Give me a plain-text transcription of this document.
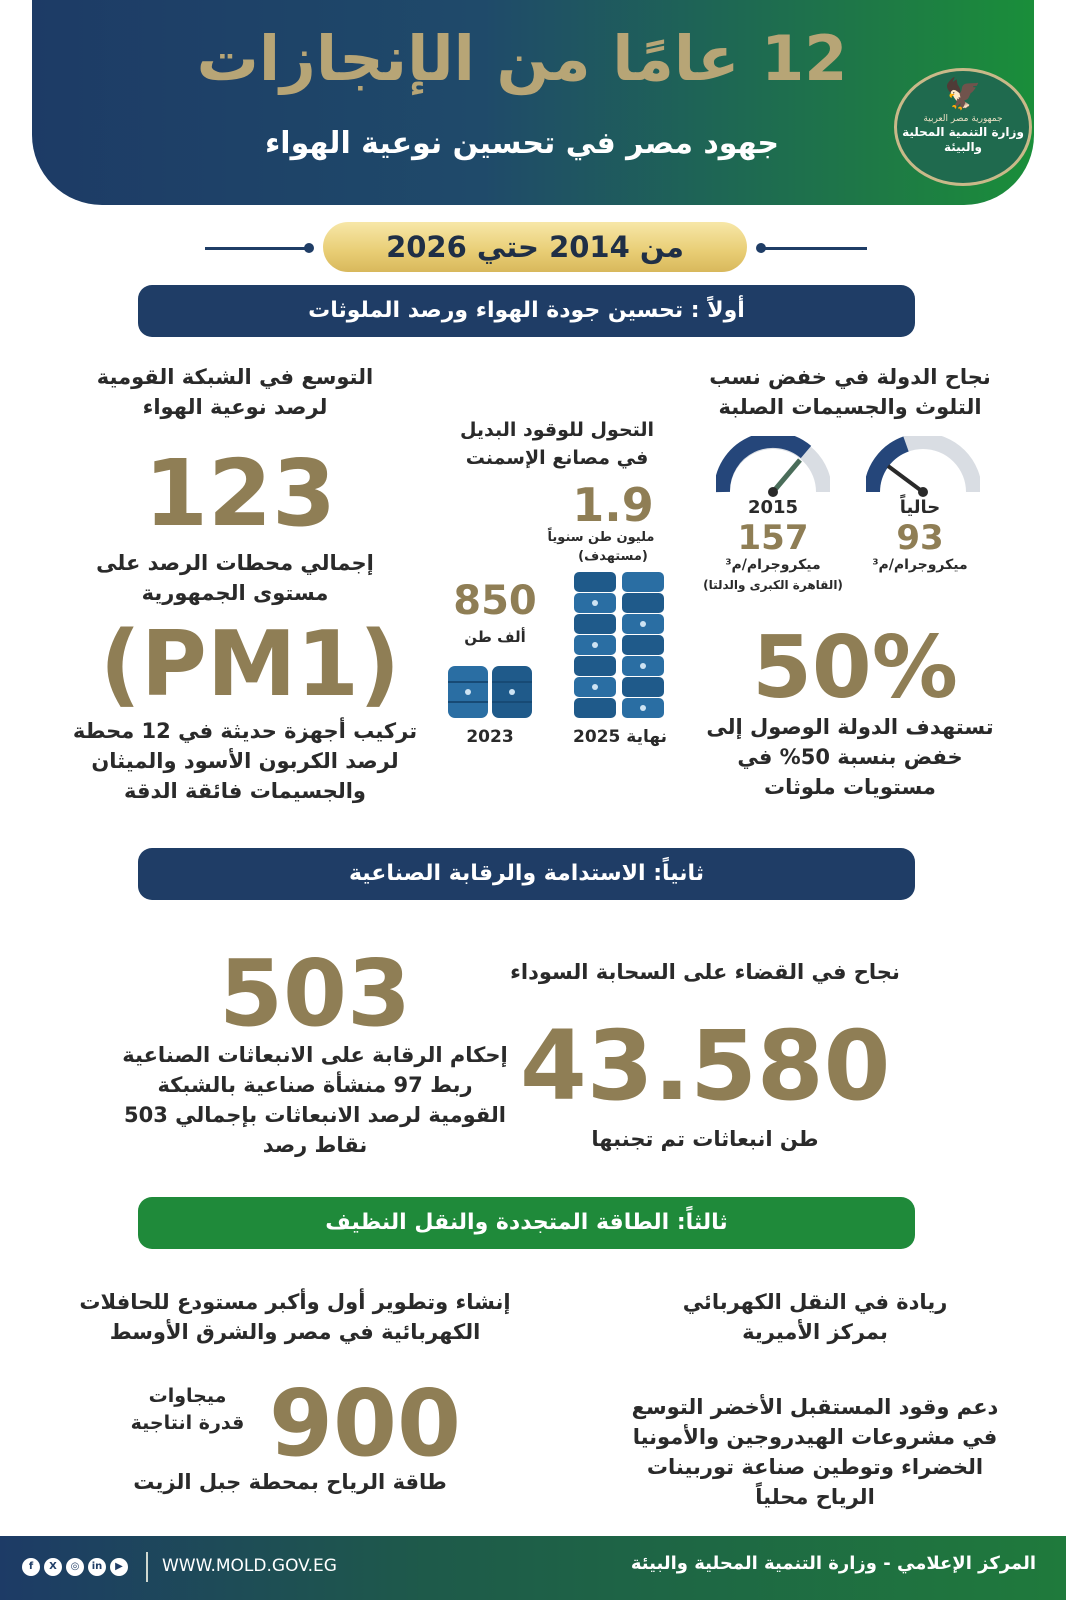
12 عامًا من الإنجازات
جهود مصر في تحسين نوعية الهواء
🦅
جمهورية مصر العربية
وزارة التنمية المحلية والبيئة
من 2014 حتي 2026
أولاً : تحسين جودة الهواء ورصد الملوثات
نجاح الدولة في خفض نسب التلوث والجسيمات الصلبة
حالياً
93
ميكروجرام/م³
2015
157
ميكروجرام/م³
(القاهرة الكبرى والدلتا)
50%
تستهدف الدولة الوصول إلى خفض بنسبة 50% في مستويات ملوثات
التحول للوقود البديل في مصانع الإسمنت
1.9
مليون طن سنوياً
(مستهدف)
850
ألف طن
نهاية 2025
2023
التوسع في الشبكة القومية لرصد نوعية الهواء
123
إجمالي محطات الرصد على مستوى الجمهورية
(PM1)
تركيب أجهزة حديثة في 12 محطة لرصد الكربون الأسود والميثان والجسيمات فائقة الدقة
ثانياً: الاستدامة والرقابة الصناعية
نجاح في القضاء على السحابة السوداء
43.580
طن انبعاثات تم تجنبها
503
إحكام الرقابة على الانبعاثات الصناعية ربط 97 منشأة صناعية بالشبكة القومية لرصد الانبعاثات بإجمالي 503 نقاط رصد
ثالثاً: الطاقة المتجددة والنقل النظيف
ريادة في النقل الكهربائي بمركز الأميرية
إنشاء وتطوير أول وأكبر مستودع للحافلات الكهربائية في مصر والشرق الأوسط
دعم وقود المستقبل الأخضر التوسع في مشروعات الهيدروجين والأمونيا الخضراء وتوطين صناعة توربينات الرياح محلياً
900
ميجاوات
قدرة انتاجية
طاقة الرياح بمحطة جبل الزيت
المركز الإعلامي - وزارة التنمية المحلية والبيئة
WWW.MOLD.GOV.EG
f	X	◎	in	▶
